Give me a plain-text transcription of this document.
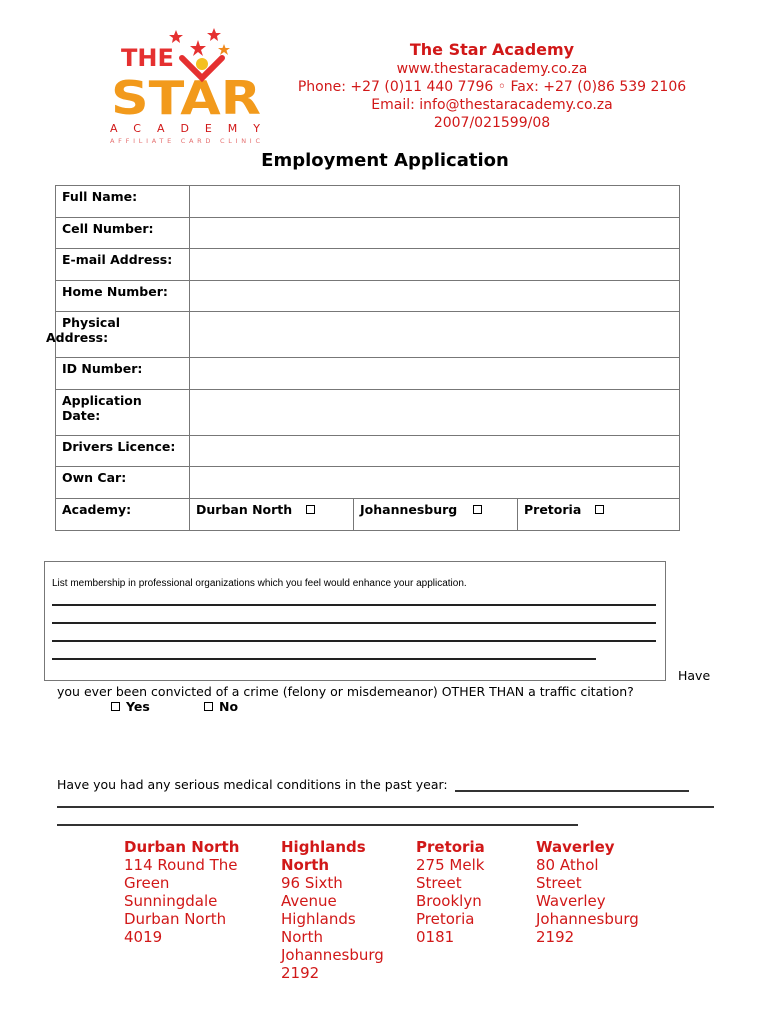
THE
STAR
ACADEMY
AFFILIATE CARD CLINIC
The Star Academy
www.thestaracademy.co.za
Phone: +27 (0)11 440 7796 ◦ Fax: +27 (0)86 539 2106
Email: info@thestaracademy.co.za
2007/021599/08
Employment Application
Full Name:	
Cell Number:	
E-mail Address:	
Home Number:	

Physical
Address:	
ID Number:	

Application
Date:	

Drivers Licence:	
Own Car:	
Academy:	Durban North Johannesburg Pretoria
List membership in professional organizations which you feel would enhance your application.
Have
you ever been convicted of a crime (felony or misdemeanor) OTHER THAN a traffic citation?
Yes	No
Have you had any serious medical conditions in the past year:
Durban North
114 Round The
Green
Sunningdale
Durban North
4019
Highlands
North
96 Sixth
Avenue
Highlands
North
Johannesburg
2192
Pretoria
275 Melk
Street
Brooklyn
Pretoria
0181
Waverley
80 Athol
Street
Waverley
Johannesburg
2192
